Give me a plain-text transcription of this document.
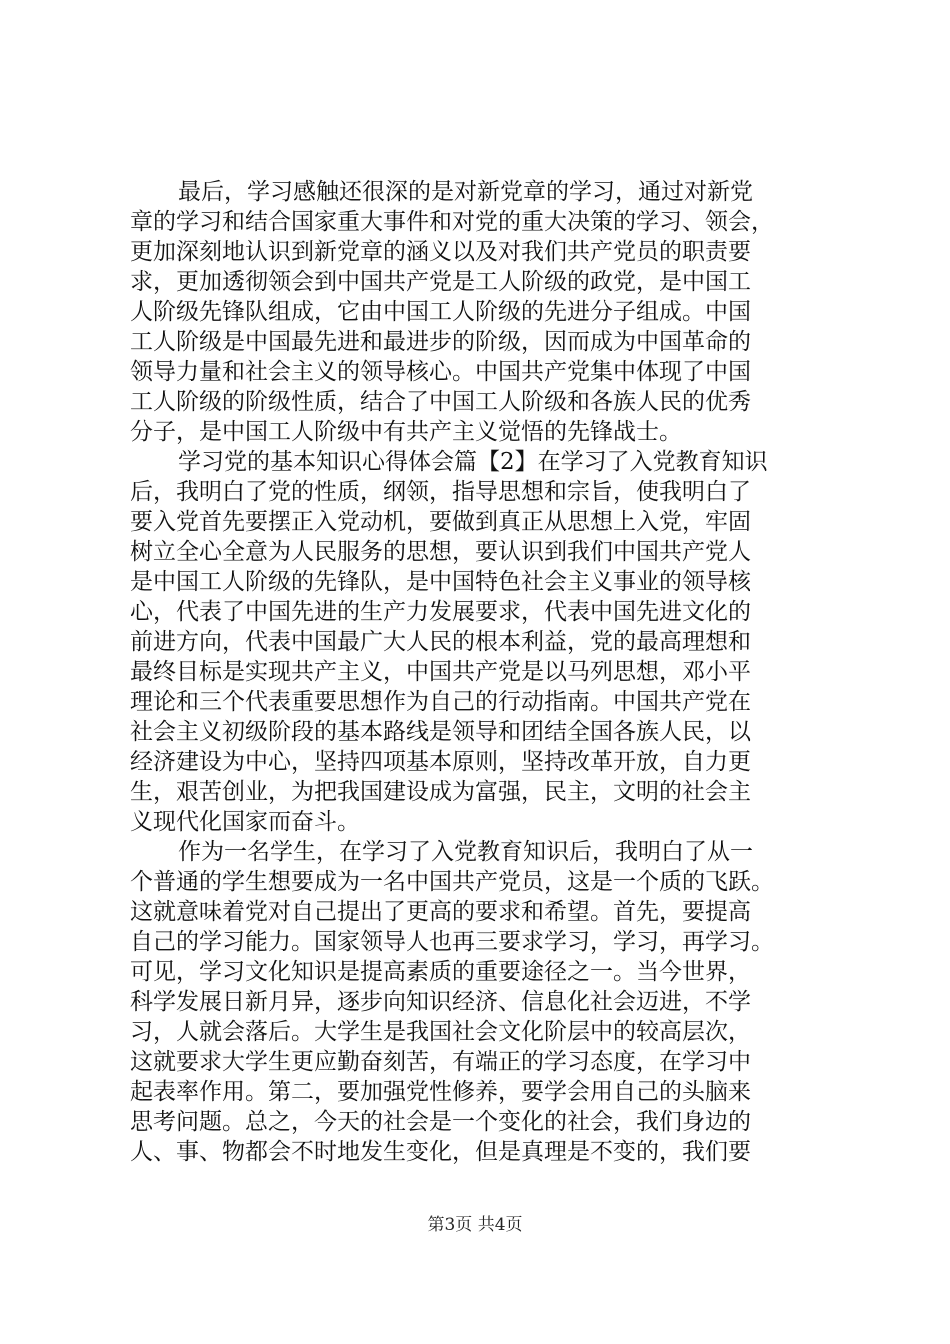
最后，学习感触还很深的是对新党章的学习，通过对新党
章的学习和结合国家重大事件和对党的重大决策的学习、领会，
更加深刻地认识到新党章的涵义以及对我们共产党员的职责要
求，更加透彻领会到中国共产党是工人阶级的政党，是中国工
人阶级先锋队组成，它由中国工人阶级的先进分子组成。中国
工人阶级是中国最先进和最进步的阶级，因而成为中国革命的
领导力量和社会主义的领导核心。中国共产党集中体现了中国
工人阶级的阶级性质，结合了中国工人阶级和各族人民的优秀
分子，是中国工人阶级中有共产主义觉悟的先锋战士。
学习党的基本知识心得体会篇【2】在学习了入党教育知识
后，我明白了党的性质，纲领，指导思想和宗旨，使我明白了
要入党首先要摆正入党动机，要做到真正从思想上入党，牢固
树立全心全意为人民服务的思想，要认识到我们中国共产党人
是中国工人阶级的先锋队，是中国特色社会主义事业的领导核
心，代表了中国先进的生产力发展要求，代表中国先进文化的
前进方向，代表中国最广大人民的根本利益，党的最高理想和
最终目标是实现共产主义，中国共产党是以马列思想，邓小平
理论和三个代表重要思想作为自己的行动指南。中国共产党在
社会主义初级阶段的基本路线是领导和团结全国各族人民，以
经济建设为中心，坚持四项基本原则，坚持改革开放，自力更
生，艰苦创业，为把我国建设成为富强，民主，文明的社会主
义现代化国家而奋斗。
作为一名学生，在学习了入党教育知识后，我明白了从一
个普通的学生想要成为一名中国共产党员，这是一个质的飞跃。
这就意味着党对自己提出了更高的要求和希望。首先，要提高
自己的学习能力。国家领导人也再三要求学习，学习，再学习。
可见，学习文化知识是提高素质的重要途径之一。当今世界，
科学发展日新月异，逐步向知识经济、信息化社会迈进，不学
习，人就会落后。大学生是我国社会文化阶层中的较高层次，
这就要求大学生更应勤奋刻苦，有端正的学习态度，在学习中
起表率作用。第二，要加强党性修养，要学会用自己的头脑来
思考问题。总之，今天的社会是一个变化的社会，我们身边的
人、事、物都会不时地发生变化，但是真理是不变的，我们要
第3页 共4页
